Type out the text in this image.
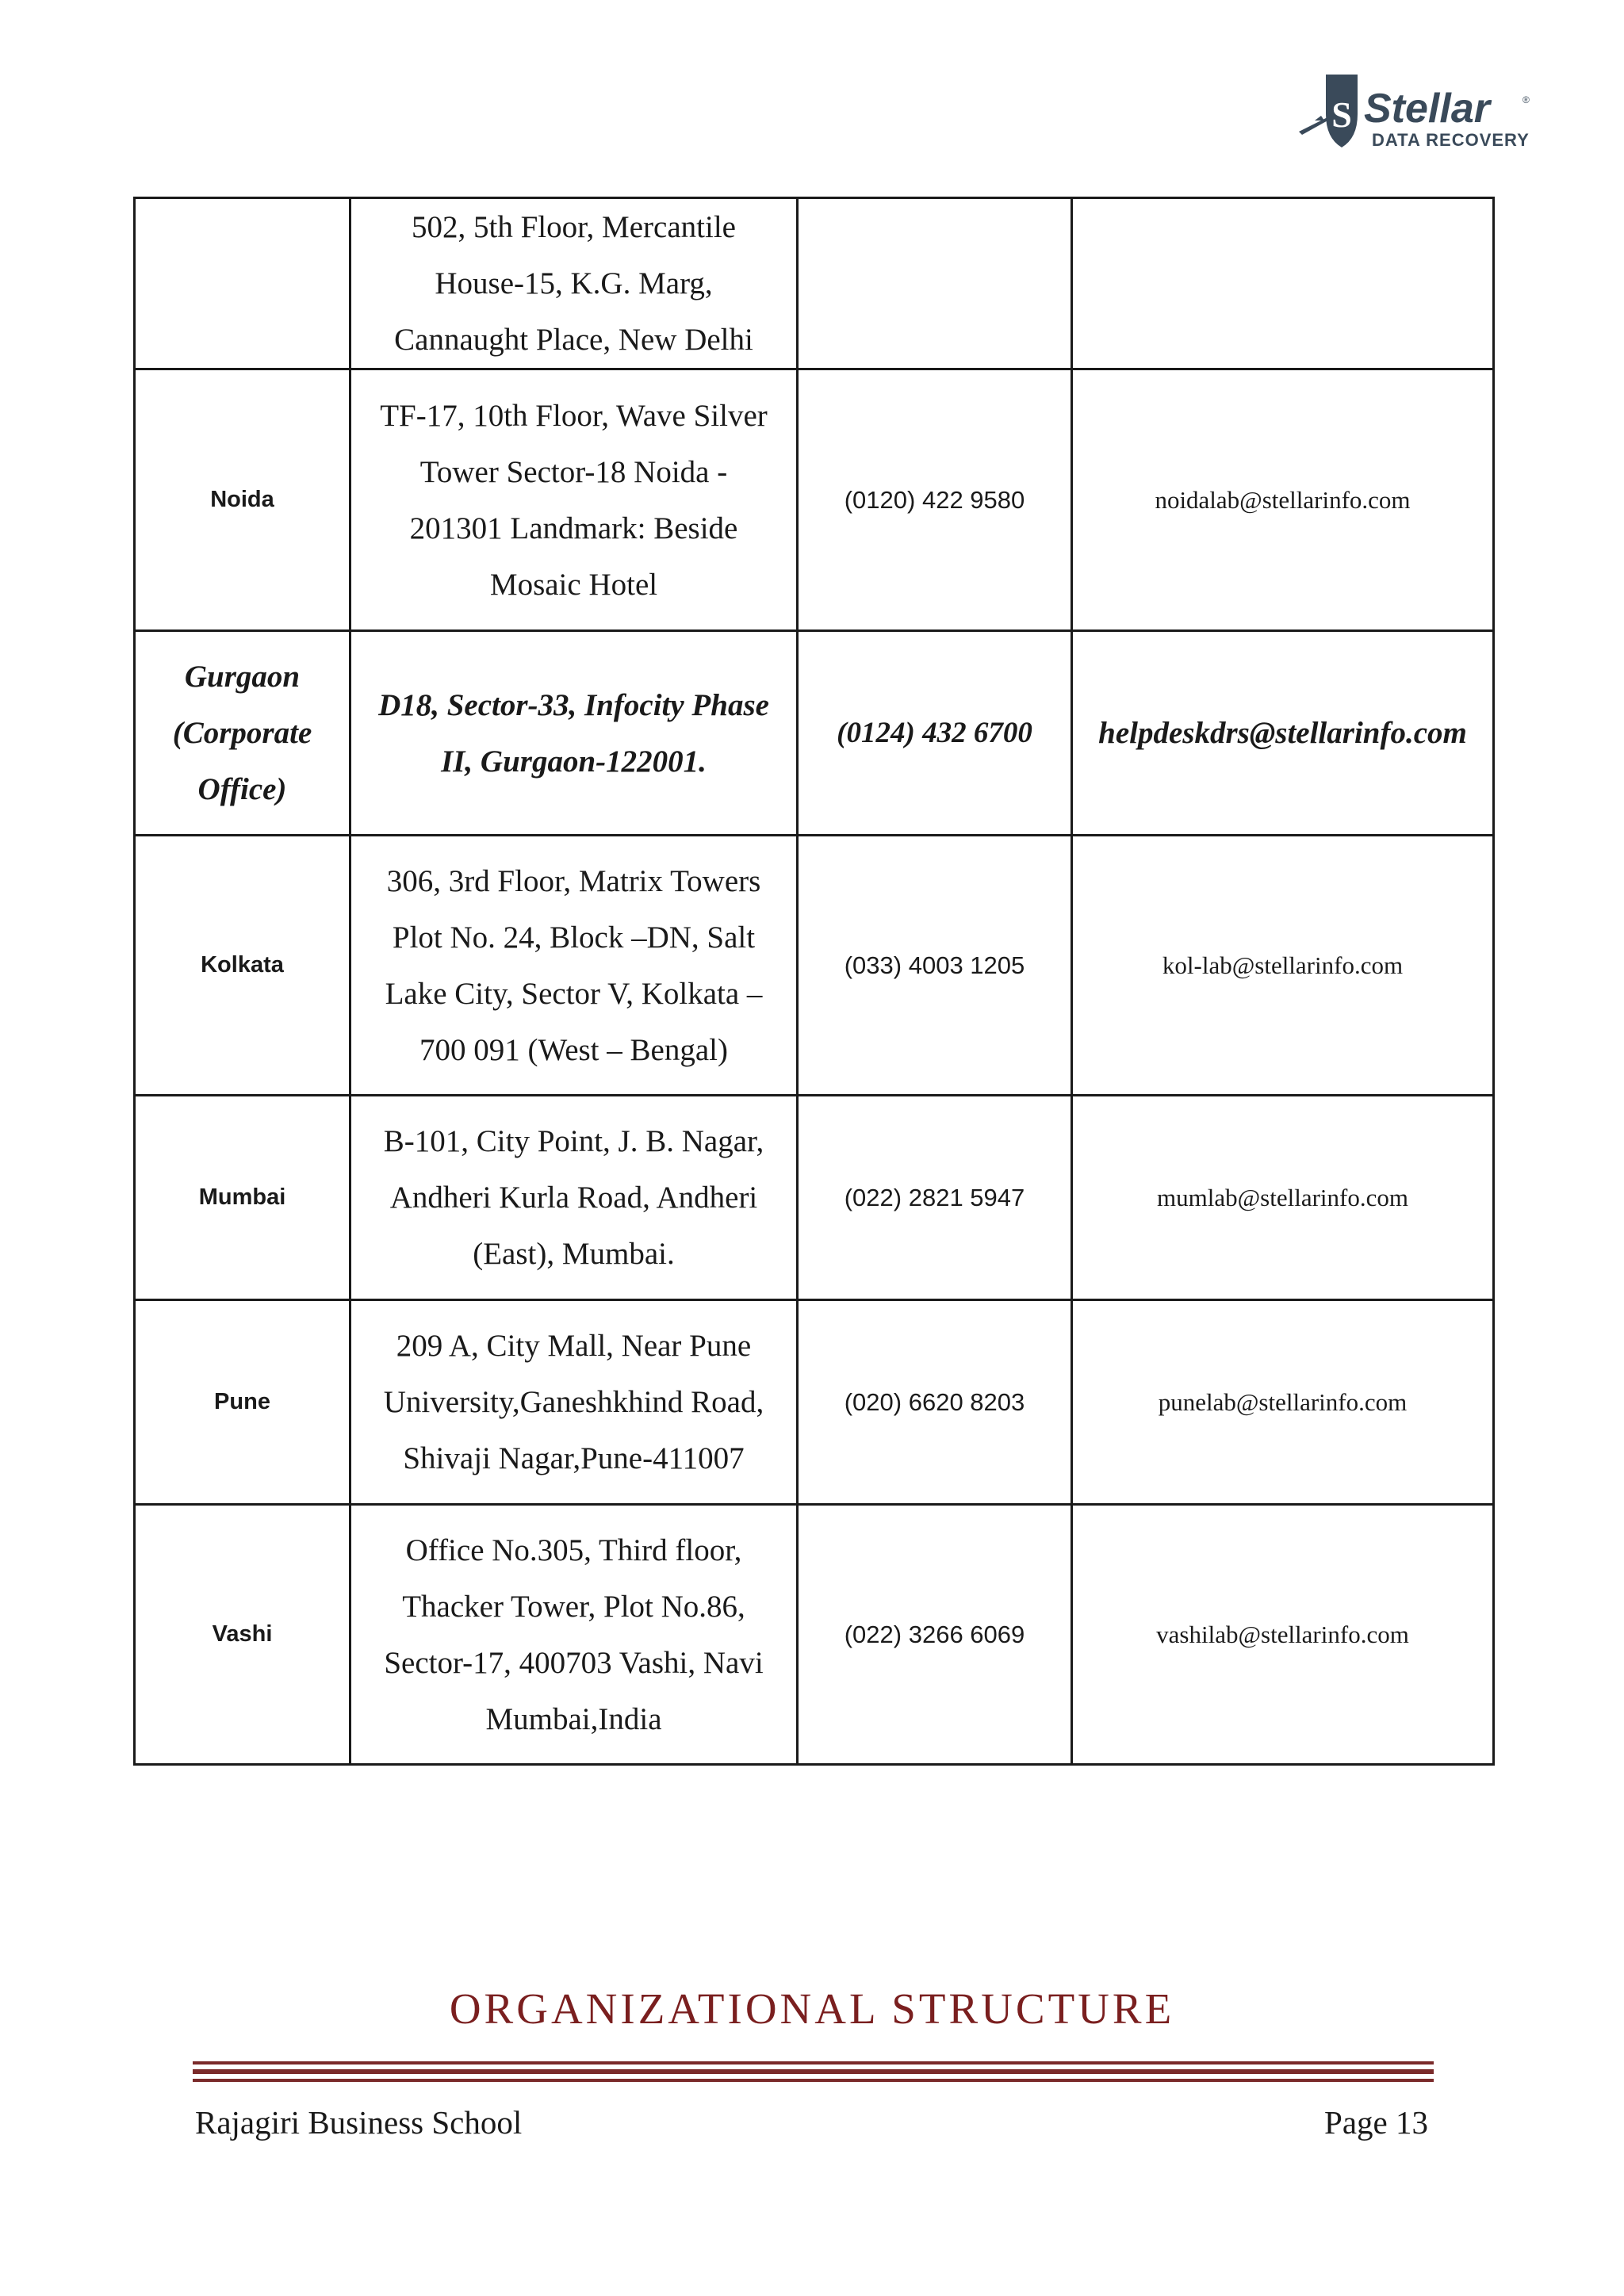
S Stellar	®
DATA RECOVERY

	502, 5th Floor, Mercantile
House-15, K.G. Marg,
Cannaught Place, New Delhi		

Noida	TF-17, 10th Floor, Wave Silver
Tower Sector-18 Noida -
201301 Landmark: Beside
Mosaic Hotel	(0120) 422 9580	noidalab@stellarinfo.com

Gurgaon
(Corporate
Office)	D18, Sector-33, Infocity Phase
II, Gurgaon-122001.	(0124) 432 6700	helpdeskdrs@stellarinfo.com
Kolkata	306, 3rd Floor, Matrix Towers
Plot No. 24, Block –DN, Salt
Lake City, Sector V, Kolkata –
700 091 (West – Bengal)	(033) 4003 1205	kol-lab@stellarinfo.com
Mumbai	B-101, City Point, J. B. Nagar,
Andheri Kurla Road, Andheri
(East), Mumbai.	(022) 2821 5947	mumlab@stellarinfo.com
Pune	209 A, City Mall, Near Pune
University,Ganeshkhind Road,
Shivaji Nagar,Pune-411007	(020) 6620 8203	punelab@stellarinfo.com
Vashi	Office No.305, Third floor,
Thacker Tower, Plot No.86,
Sector-17, 400703 Vashi, Navi
Mumbai,India	(022) 3266 6069	vashilab@stellarinfo.com
ORGANIZATIONAL STRUCTURE
Rajagiri Business School	Page 13
